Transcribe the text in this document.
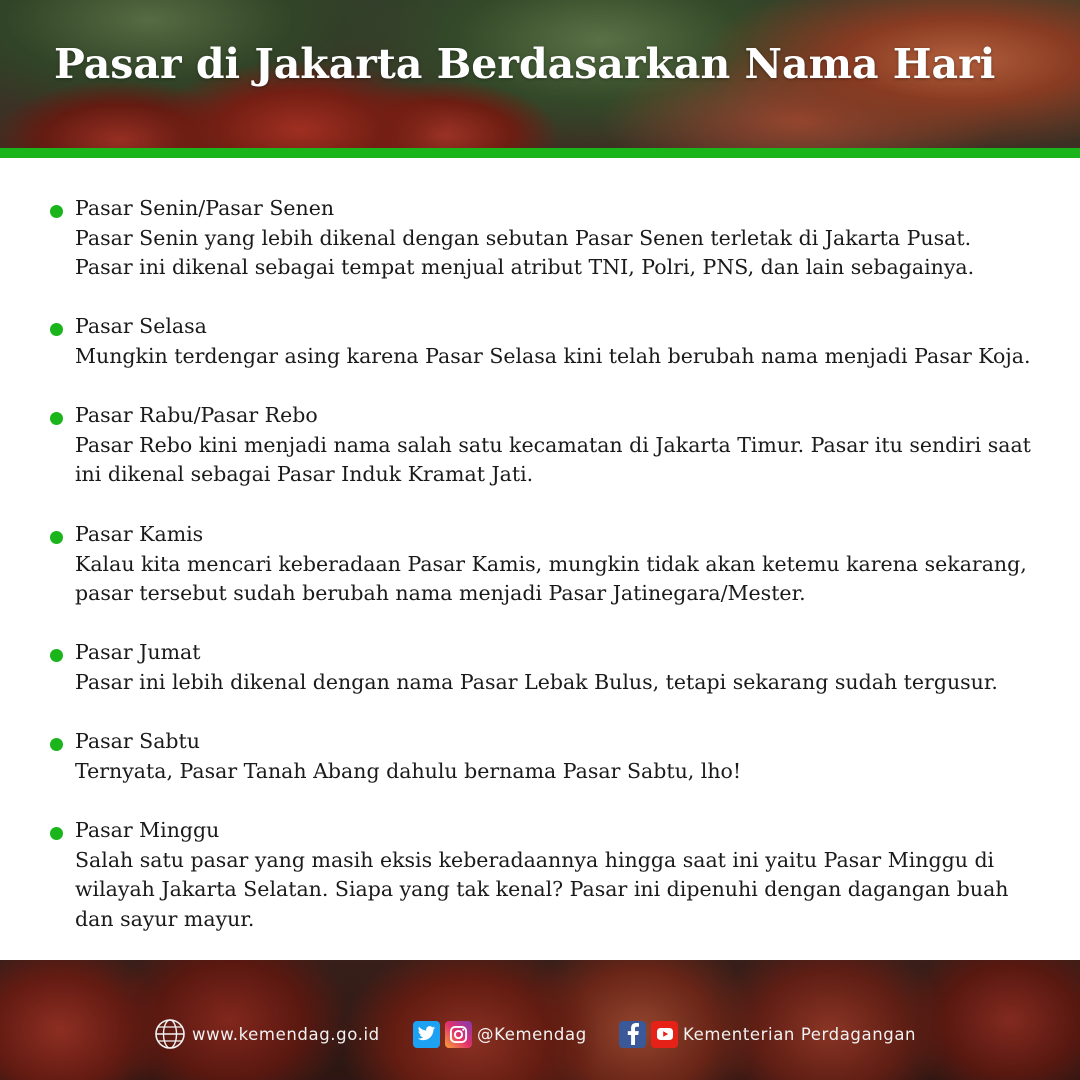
Pasar di Jakarta Berdasarkan Nama Hari
Pasar Senin/Pasar Senen
Pasar Senin yang lebih dikenal dengan sebutan Pasar Senen terletak di Jakarta Pusat. Pasar ini dikenal sebagai tempat menjual atribut TNI, Polri, PNS, dan lain sebagainya.
Pasar Selasa
Mungkin terdengar asing karena Pasar Selasa kini telah berubah nama menjadi Pasar Koja.
Pasar Rabu/Pasar Rebo
Pasar Rebo kini menjadi nama salah satu kecamatan di Jakarta Timur. Pasar itu sendiri saat ini dikenal sebagai Pasar Induk Kramat Jati.
Pasar Kamis
Kalau kita mencari keberadaan Pasar Kamis, mungkin tidak akan ketemu karena sekarang, pasar tersebut sudah berubah nama menjadi Pasar Jatinegara/Mester.
Pasar Jumat
Pasar ini lebih dikenal dengan nama Pasar Lebak Bulus, tetapi sekarang sudah tergusur.
Pasar Sabtu
Ternyata, Pasar Tanah Abang dahulu bernama Pasar Sabtu, lho!
Pasar Minggu
Salah satu pasar yang masih eksis keberadaannya hingga saat ini yaitu Pasar Minggu di wilayah Jakarta Selatan. Siapa yang tak kenal? Pasar ini dipenuhi dengan dagangan buah dan sayur mayur.
www.kemendag.go.id	@Kemendag	Kementerian Perdagangan
